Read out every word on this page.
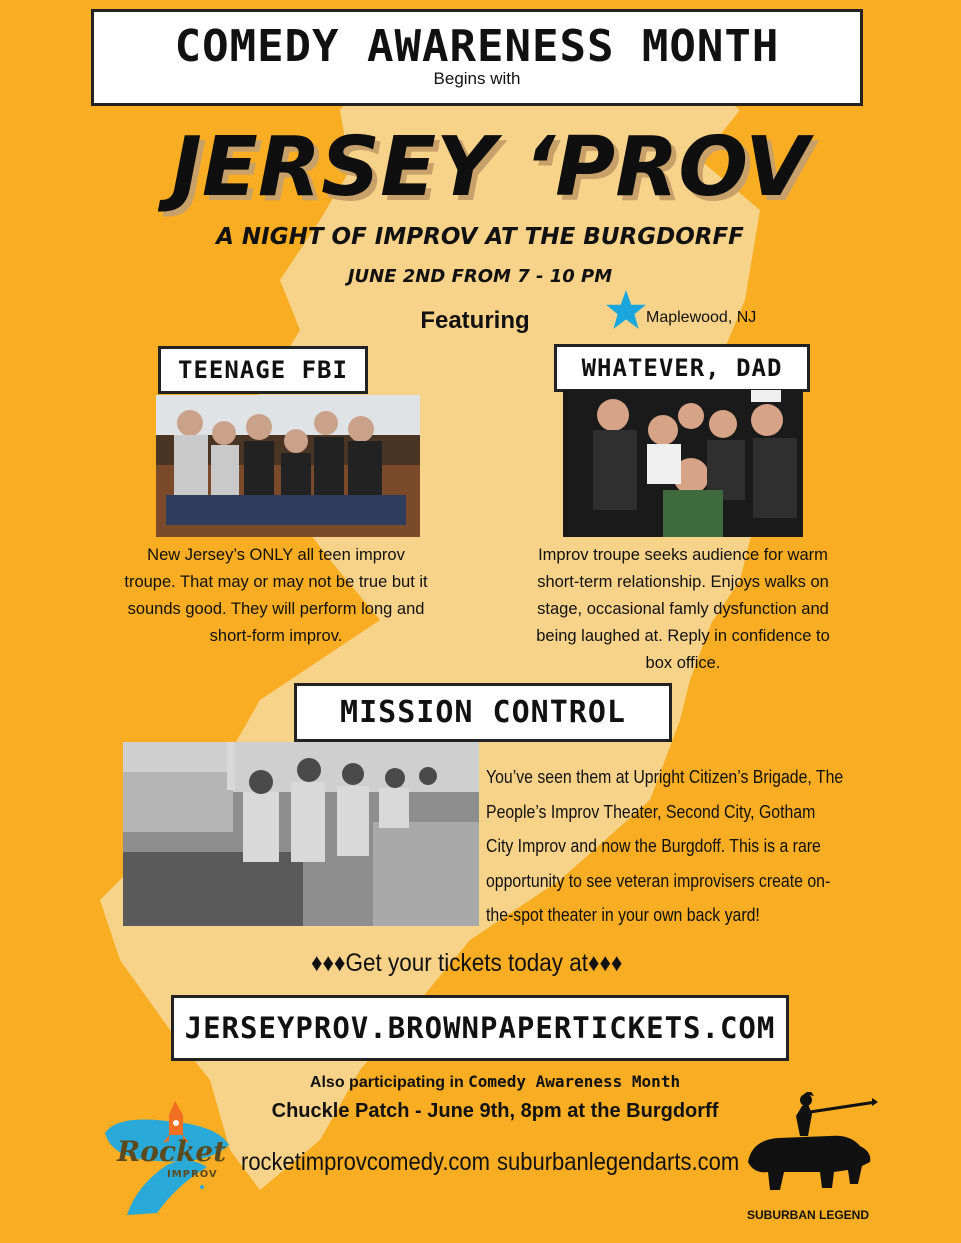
COMEDY AWARENESS MONTH
Begins with
JERSEY ‘PROV
A NIGHT OF IMPROV AT THE BURGDORFF
JUNE 2ND FROM 7 - 10 PM
Featuring	Maplewood, NJ
TEENAGE FBI
New Jersey’s ONLY all teen improv troupe. That may or may not be true but it sounds good. They will perform long and short-form improv.
WHATEVER, DAD
Improv troupe seeks audience for warm short-term relationship. Enjoys walks on stage, occasional famly dysfunction and being laughed at. Reply in confidence to box office.
MISSION CONTROL
You’ve seen them at Upright Citizen’s Brigade, The People’s Improv Theater, Second City, Gotham City Improv and now the Burgdoff. This is a rare opportunity to see veteran improvisers create on-the-spot theater in your own back yard!
♦♦♦Get your tickets today at♦♦♦
JERSEYPROV.BROWNPAPERTICKETS.COM
Also participating in Comedy Awareness Month
Chuckle Patch - June 9th, 8pm at the Burgdorff
rocketimprovcomedy.com suburbanlegendarts.com
Rocket
IMPROV
SUBURBAN LEGEND
